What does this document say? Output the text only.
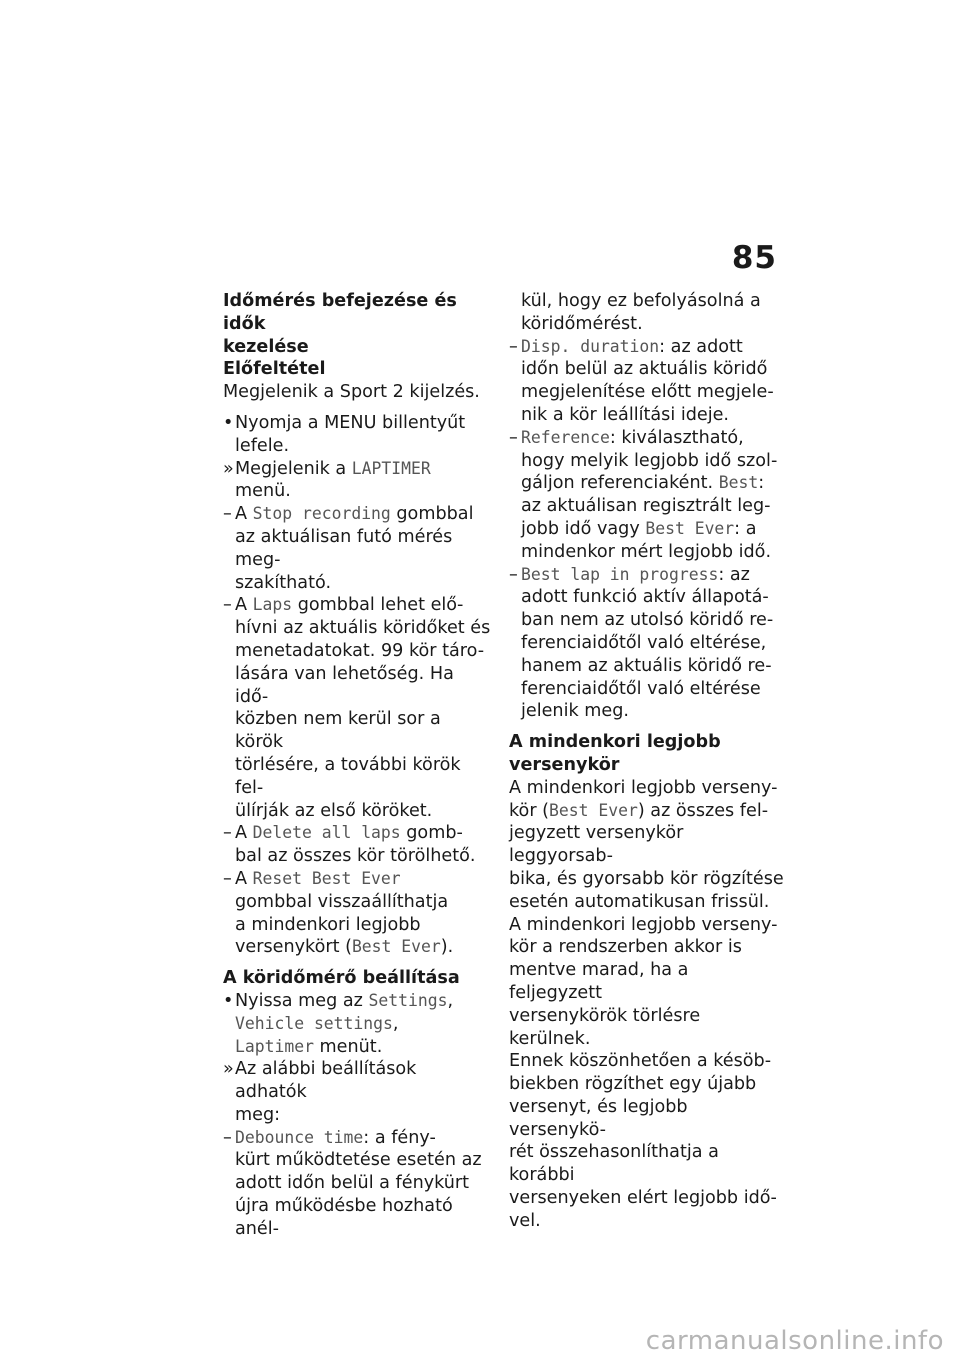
85
Időmérés befejezése és idők
kezelése
Előfeltétel
Megjelenik a Sport 2 kijelzés.
• Nyomja a MENU billentyűt
lefele.
» Megjelenik a LAPTIMER
menü.
– A Stop recording gombbal
az aktuálisan futó mérés meg-
szakítható.
– A Laps gombbal lehet elő-
hívni az aktuális köridőket és
menetadatokat. 99 kör táro-
lására van lehetőség. Ha idő-
közben nem kerül sor a körök
törlésére, a további körök fel-
ülírják az első köröket.
– A Delete all laps gomb-
bal az összes kör törölhető.
– A Reset Best Ever
gombbal visszaállíthatja
a mindenkori legjobb
versenykört (Best Ever).
A köridőmérő beállítása
• Nyissa meg az Settings,
Vehicle settings,
Laptimer menüt.
» Az alábbi beállítások adhatók
meg:
– Debounce time: a fény-
kürt működtetése esetén az
adott időn belül a fénykürt
újra működésbe hozható anél-
kül, hogy ez befolyásolná a
köridőmérést.
– Disp. duration: az adott
időn belül az aktuális köridő
megjelenítése előtt megjele-
nik a kör leállítási ideje.
– Reference: kiválasztható,
hogy melyik legjobb idő szol-
gáljon referenciaként. Best:
az aktuálisan regisztrált leg-
jobb idő vagy Best Ever: a
mindenkor mért legjobb idő.
– Best lap in progress: az
adott funkció aktív állapotá-
ban nem az utolsó köridő re-
ferenciaidőtől való eltérése,
hanem az aktuális köridő re-
ferenciaidőtől való eltérése
jelenik meg.
A mindenkori legjobb
versenykör
A mindenkori legjobb verseny-
kör (Best Ever) az összes fel-
jegyzett versenykör leggyorsab-
bika, és gyorsabb kör rögzítése
esetén automatikusan frissül.
A mindenkori legjobb verseny-
kör a rendszerben akkor is
mentve marad, ha a feljegyzett
versenykörök törlésre kerülnek.
Ennek köszönhetően a késöb-
biekben rögzíthet egy újabb
versenyt, és legjobb versenykö-
rét összehasonlíthatja a korábbi
versenyeken elért legjobb idő-
vel.
carmanualsonline.info
